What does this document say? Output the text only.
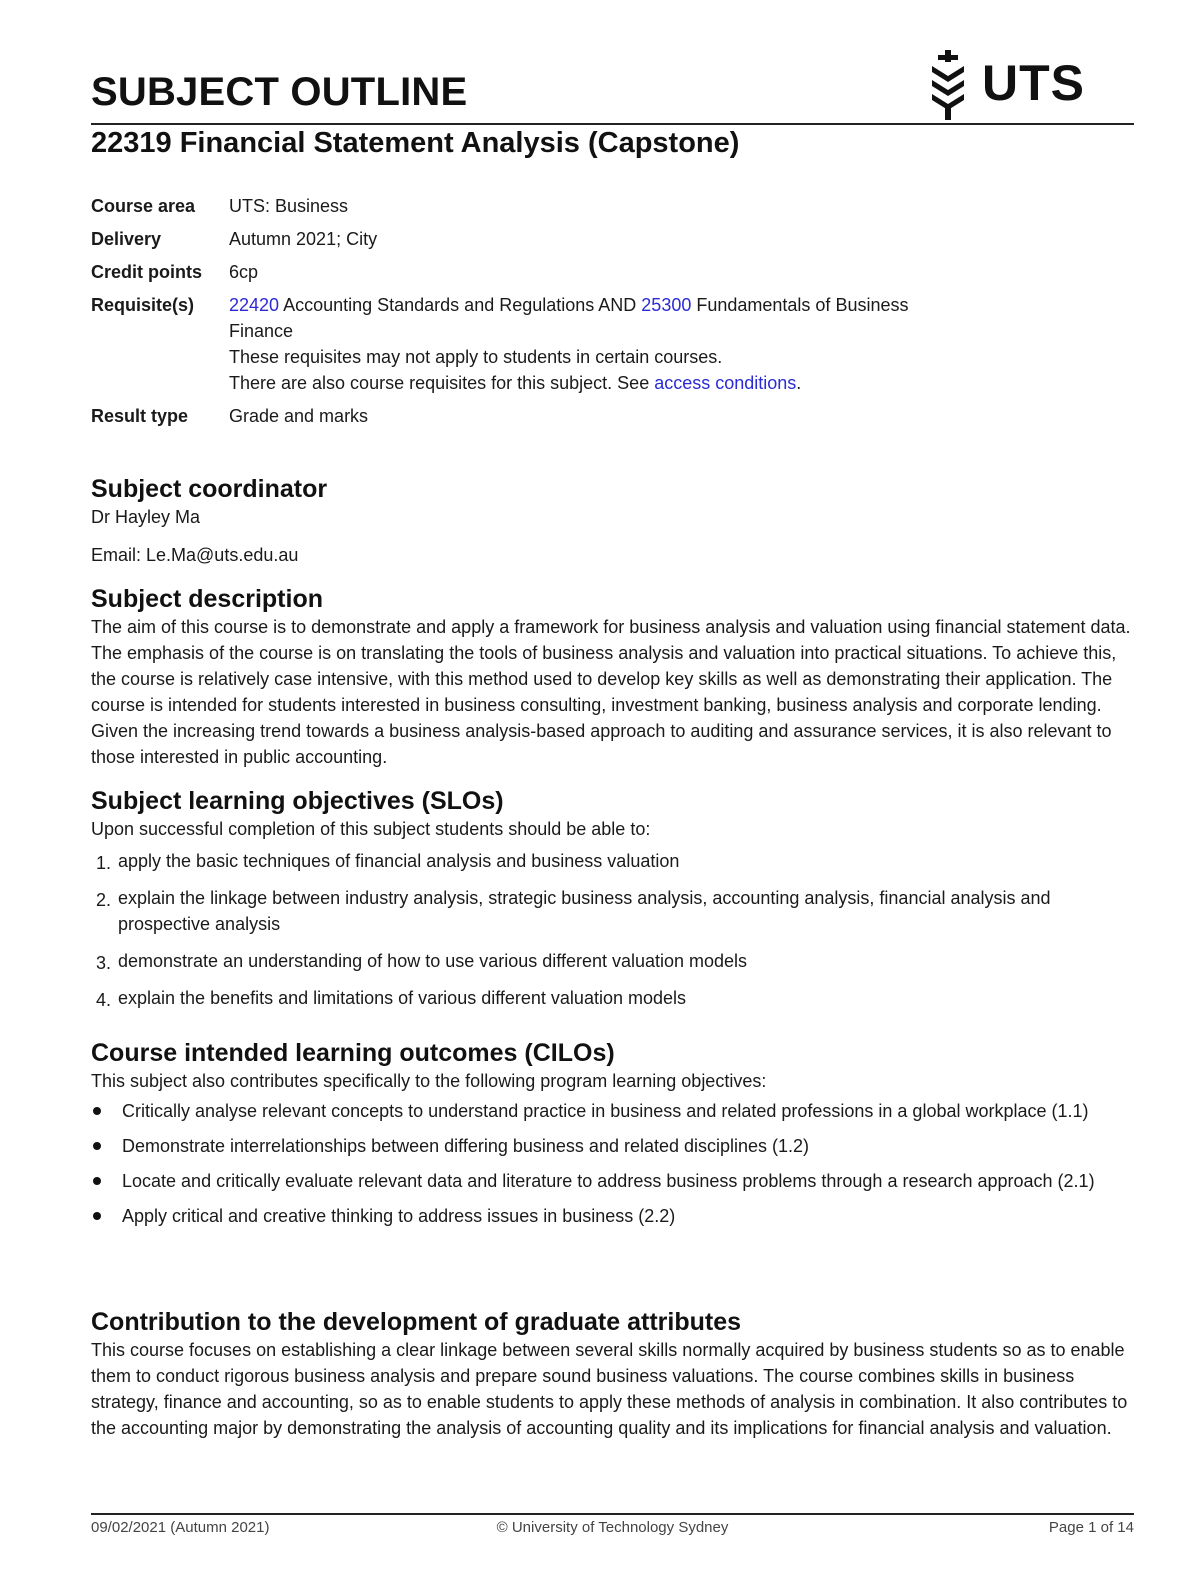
SUBJECT OUTLINE	UTS
22319 Financial Statement Analysis (Capstone)
Course area	UTS: Business
Delivery	Autumn 2021; City
Credit points	6cp
Requisite(s)	22420 Accounting Standards and Regulations AND 25300 Fundamentals of Business Finance
These requisites may not apply to students in certain courses.
There are also course requisites for this subject. See access conditions.
Result type	Grade and marks
Subject coordinator

Dr Hayley Ma

Email: Le.Ma@uts.edu.au

Subject description

The aim of this course is to demonstrate and apply a framework for business analysis and valuation using financial statement data. The emphasis of the course is on translating the tools of business analysis and valuation into practical situations. To achieve this, the course is relatively case intensive, with this method used to develop key skills as well as demonstrating their application. The course is intended for students interested in business consulting, investment banking, business analysis and corporate lending. Given the increasing trend towards a business analysis-based approach to auditing and assurance services, it is also relevant to those interested in public accounting.

Subject learning objectives (SLOs)

Upon successful completion of this subject students should be able to:

1. apply the basic techniques of financial analysis and business valuation
2. explain the linkage between industry analysis, strategic business analysis, accounting analysis, financial analysis and prospective analysis
3. demonstrate an understanding of how to use various different valuation models
4. explain the benefits and limitations of various different valuation models
Course intended learning outcomes (CILOs)

This subject also contributes specifically to the following program learning objectives:

Critically analyse relevant concepts to understand practice in business and related professions in a global workplace (1.1)
Demonstrate interrelationships between differing business and related disciplines (1.2)
Locate and critically evaluate relevant data and literature to address business problems through a research approach (2.1)
Apply critical and creative thinking to address issues in business (2.2)
Contribution to the development of graduate attributes

This course focuses on establishing a clear linkage between several skills normally acquired by business students so as to enable them to conduct rigorous business analysis and prepare sound business valuations. The course combines skills in business strategy, finance and accounting, so as to enable students to apply these methods of analysis in combination. It also contributes to the accounting major by demonstrating the analysis of accounting quality and its implications for financial analysis and valuation.

09/02/2021 (Autumn 2021)	© University of Technology Sydney	Page 1 of 14
